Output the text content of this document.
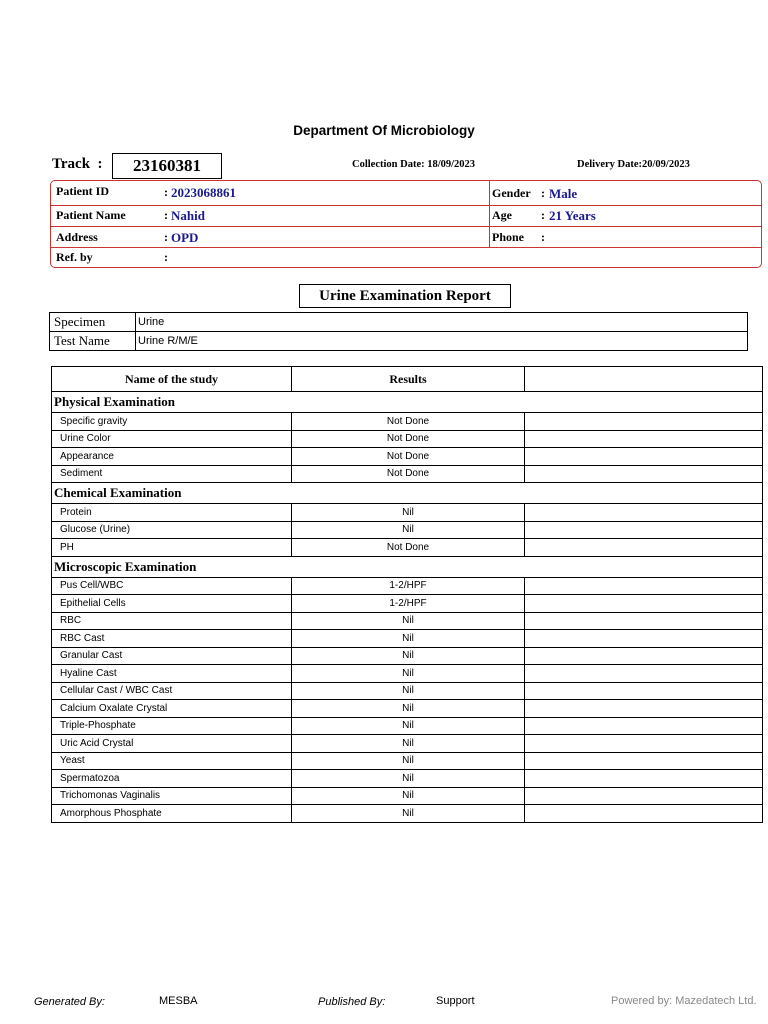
Department Of Microbiology
Track  :	23160381	Collection Date: 18/09/2023	Delivery Date:20/09/2023
Patient ID	: 2023068861
Patient Name	: Nahid
Address	: OPD
Ref. by	:
Gender : Male
Age : 21 Years
Phone :
Urine Examination Report
Specimen	Urine
Test Name	Urine R/M/E
Name of the study	Results	
Physical Examination		
Specific gravity	Not Done	
Urine Color	Not Done	
Appearance	Not Done	
Sediment	Not Done	
Chemical Examination		
Protein	Nil	
Glucose (Urine)	Nil	
PH	Not Done	
Microscopic Examination		
Pus Cell/WBC	1-2/HPF	
Epithelial Cells	1-2/HPF	
RBC	Nil	
RBC Cast	Nil	
Granular Cast	Nil	
Hyaline Cast	Nil	
Cellular Cast / WBC Cast	Nil	
Calcium Oxalate Crystal	Nil	
Triple-Phosphate	Nil	
Uric Acid Crystal	Nil	
Yeast	Nil	
Spermatozoa	Nil	
Trichomonas Vaginalis	Nil	
Amorphous Phosphate	Nil	
Generated By:	MESBA	Published By:	Support	Powered by: Mazedatech Ltd.
